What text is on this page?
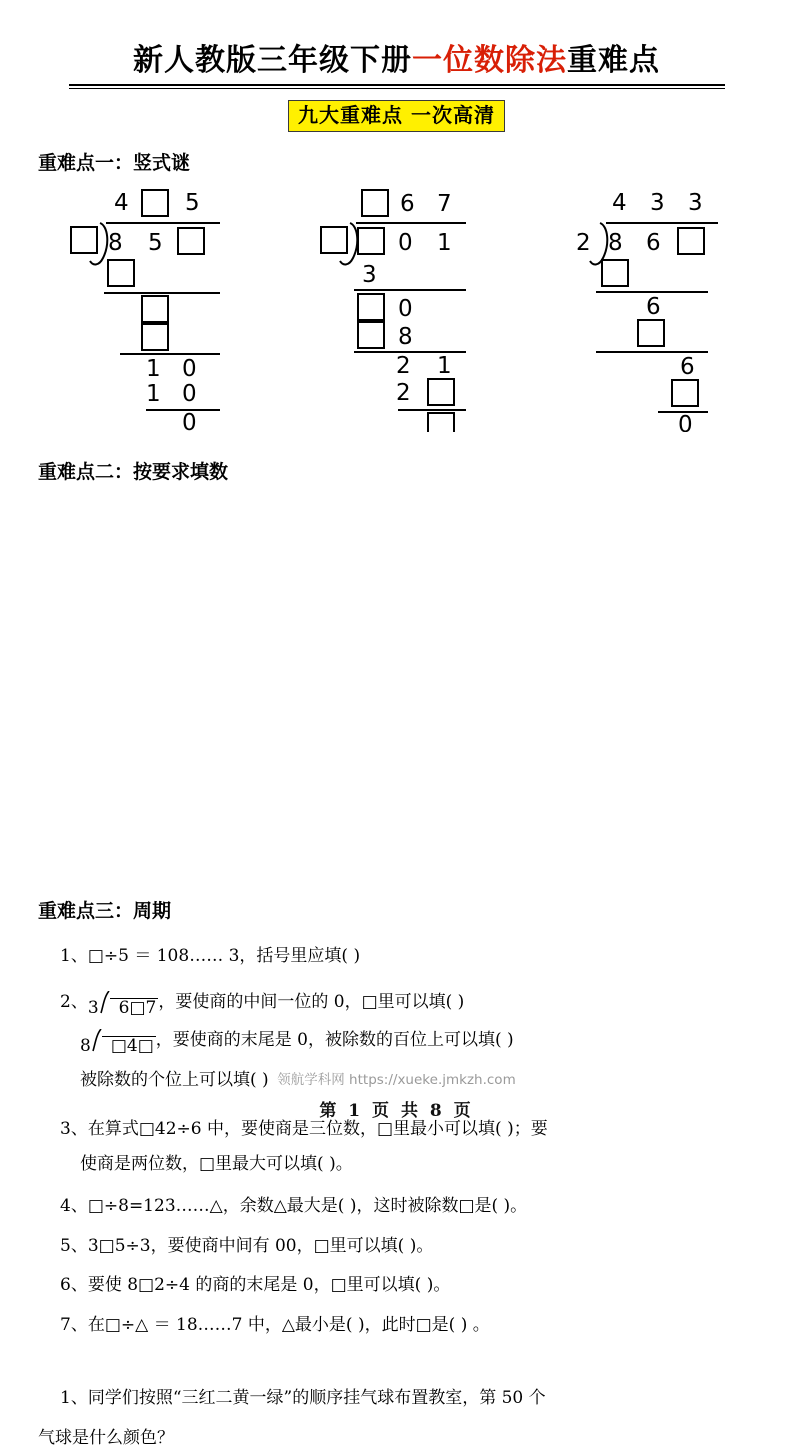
新人教版三年级下册一位数除法重难点
九大重难点 一次高清
重难点一：竖式谜
4 5
8 5
1 0
1 0
0
6 7
0 1
3
0
8
2 1
2
4 3 3
2 8 6
6
6
0
重难点二：按要求填数
1、□÷5 ＝ 108…… 3，括号里应填( )
2、3 6□7 ，要使商的中间一位的 0，□里可以填( )
8 □4□ ，要使商的末尾是 0，被除数的百位上可以填( )
被除数的个位上可以填( )
3、在算式□42÷6 中，要使商是三位数，□里最小可以填( )；要
使商是两位数，□里最大可以填( )。
4、□÷8=123……△，余数△最大是( )，这时被除数□是( )。
5、3□5÷3，要使商中间有 00，□里可以填( )。
6、要使 8□2÷4 的商的末尾是 0，□里可以填( )。
7、在□÷△ ＝ 18……7 中，△最小是( )，此时□是( ) 。
重难点三：周期
1、同学们按照“三红二黄一绿”的顺序挂气球布置教室，第 50 个
气球是什么颜色？
领航学科网 https://xueke.jmkzh.com
第 1 页 共 8 页
